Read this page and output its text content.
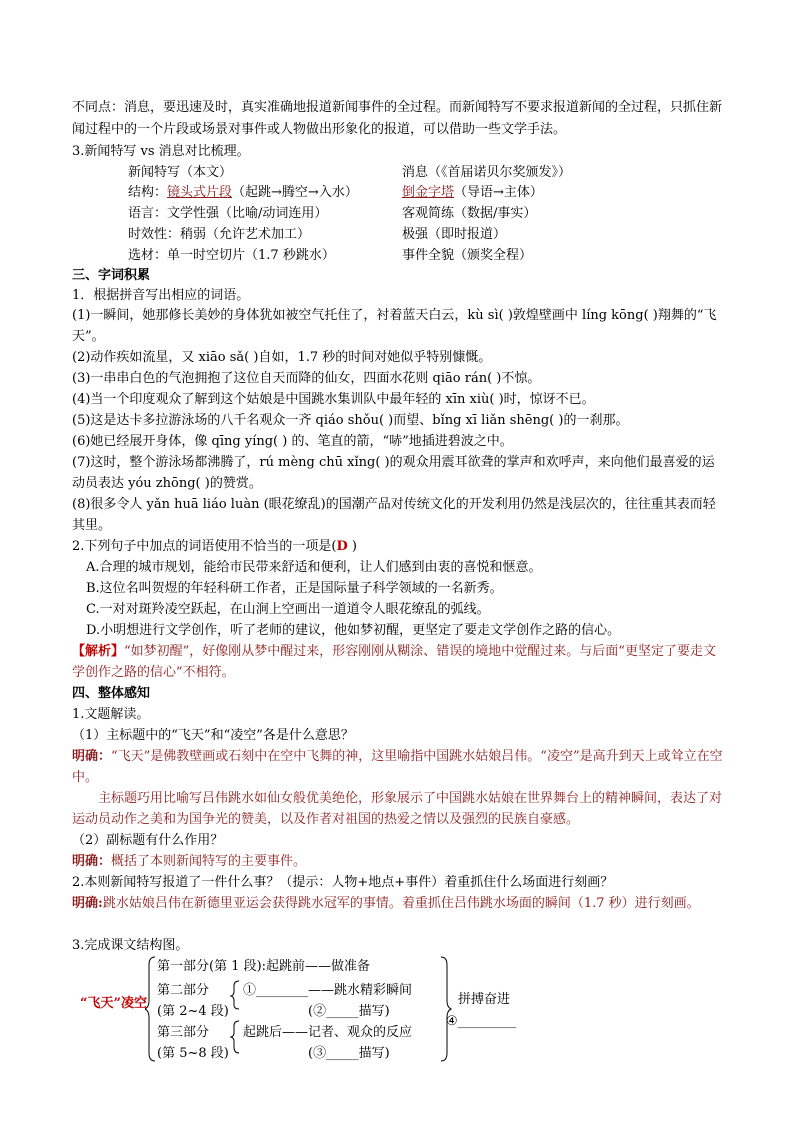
不同点：消息，要迅速及时，真实准确地报道新闻事件的全过程。而新闻特写不要求报道新闻的全过程，只抓住新闻过程中的一个片段或场景对事件或人物做出形象化的报道，可以借助一些文学手法。
3.新闻特写 vs 消息对比梳理。
新闻特写（本文）	消息（《首届诺贝尔奖颁发》）
结构：镜头式片段（起跳→腾空→入水）	倒金字塔（导语→主体）
语言：文学性强（比喻/动词连用）	客观简练（数据/事实）
时效性：稍弱（允许艺术加工）	极强（即时报道）
选材：单一时空切片（1.7 秒跳水）	事件全貌（颁奖全程）
三、字词积累
1．根据拼音写出相应的词语。
(1)一瞬间，她那修长美妙的身体犹如被空气托住了，衬着蓝天白云，kù sì( )敦煌壁画中 líng kōng( )翔舞的“飞天”。
(2)动作疾如流星，又 xiāo sǎ( )自如，1.7 秒的时间对她似乎特别慷慨。
(3)一串串白色的气泡拥抱了这位自天而降的仙女，四面水花则 qiāo rán( )不惊。
(4)当一个印度观众了解到这个姑娘是中国跳水集训队中最年轻的 xīn xiù( )时，惊讶不已。
(5)这是达卡多拉游泳场的八千名观众一齐 qiáo shǒu( )而望、bǐng xī liǎn shēng( )的一刹那。
(6)她已经展开身体，像 qīng yíng( ) 的、笔直的箭，“哧”地插进碧波之中。
(7)这时，整个游泳场都沸腾了，rú mèng chū xǐng( )的观众用震耳欲聋的掌声和欢呼声，来向他们最喜爱的运动员表达 yóu zhōng( )的赞赏。
(8)很多令人 yǎn huā liáo luàn (眼花缭乱)的国潮产品对传统文化的开发利用仍然是浅层次的，往往重其表而轻其里。
2.下列句子中加点的词语使用不恰当的一项是(D )
A.合理的城市规划，能给市民带来舒适和便利，让人们感到由衷的喜悦和惬意。
B.这位名叫贺煜的年轻科研工作者，正是国际量子科学领域的一名新秀。
C.一对对斑羚凌空跃起，在山涧上空画出一道道令人眼花缭乱的弧线。
D.小明想进行文学创作，听了老师的建议，他如梦初醒，更坚定了要走文学创作之路的信心。
【解析】“如梦初醒”，好像刚从梦中醒过来，形容刚刚从糊涂、错误的境地中觉醒过来。与后面“更坚定了要走文学创作之路的信心”不相符。
四、整体感知
1.文题解读。
（1）主标题中的“飞天”和“凌空”各是什么意思？
明确：“飞天”是佛教壁画或石刻中在空中飞舞的神，这里喻指中国跳水姑娘吕伟。“凌空”是高升到天上或耸立在空中。
主标题巧用比喻写吕伟跳水如仙女般优美绝伦，形象展示了中国跳水姑娘在世界舞台上的精神瞬间，表达了对运动员动作之美和为国争光的赞美，以及作者对祖国的热爱之情以及强烈的民族自豪感。
（2）副标题有什么作用？
明确：概括了本则新闻特写的主要事件。
2.本则新闻特写报道了一件什么事？（提示：人物+地点+事件）着重抓住什么场面进行刻画？
明确:跳水姑娘吕伟在新德里亚运会获得跳水冠军的事情。着重抓住吕伟跳水场面的瞬间（1.7 秒）进行刻画。
3.完成课文结构图。
“飞天”凌空
第一部分(第 1 段):起跳前——做准备
第二部分
(第 2~4 段)
①________——跳水精彩瞬间
(②_____描写)
第三部分
(第 5~8 段)
起跳后——记者、观众的反应
(③_____描写)
拼搏奋进
④_________
